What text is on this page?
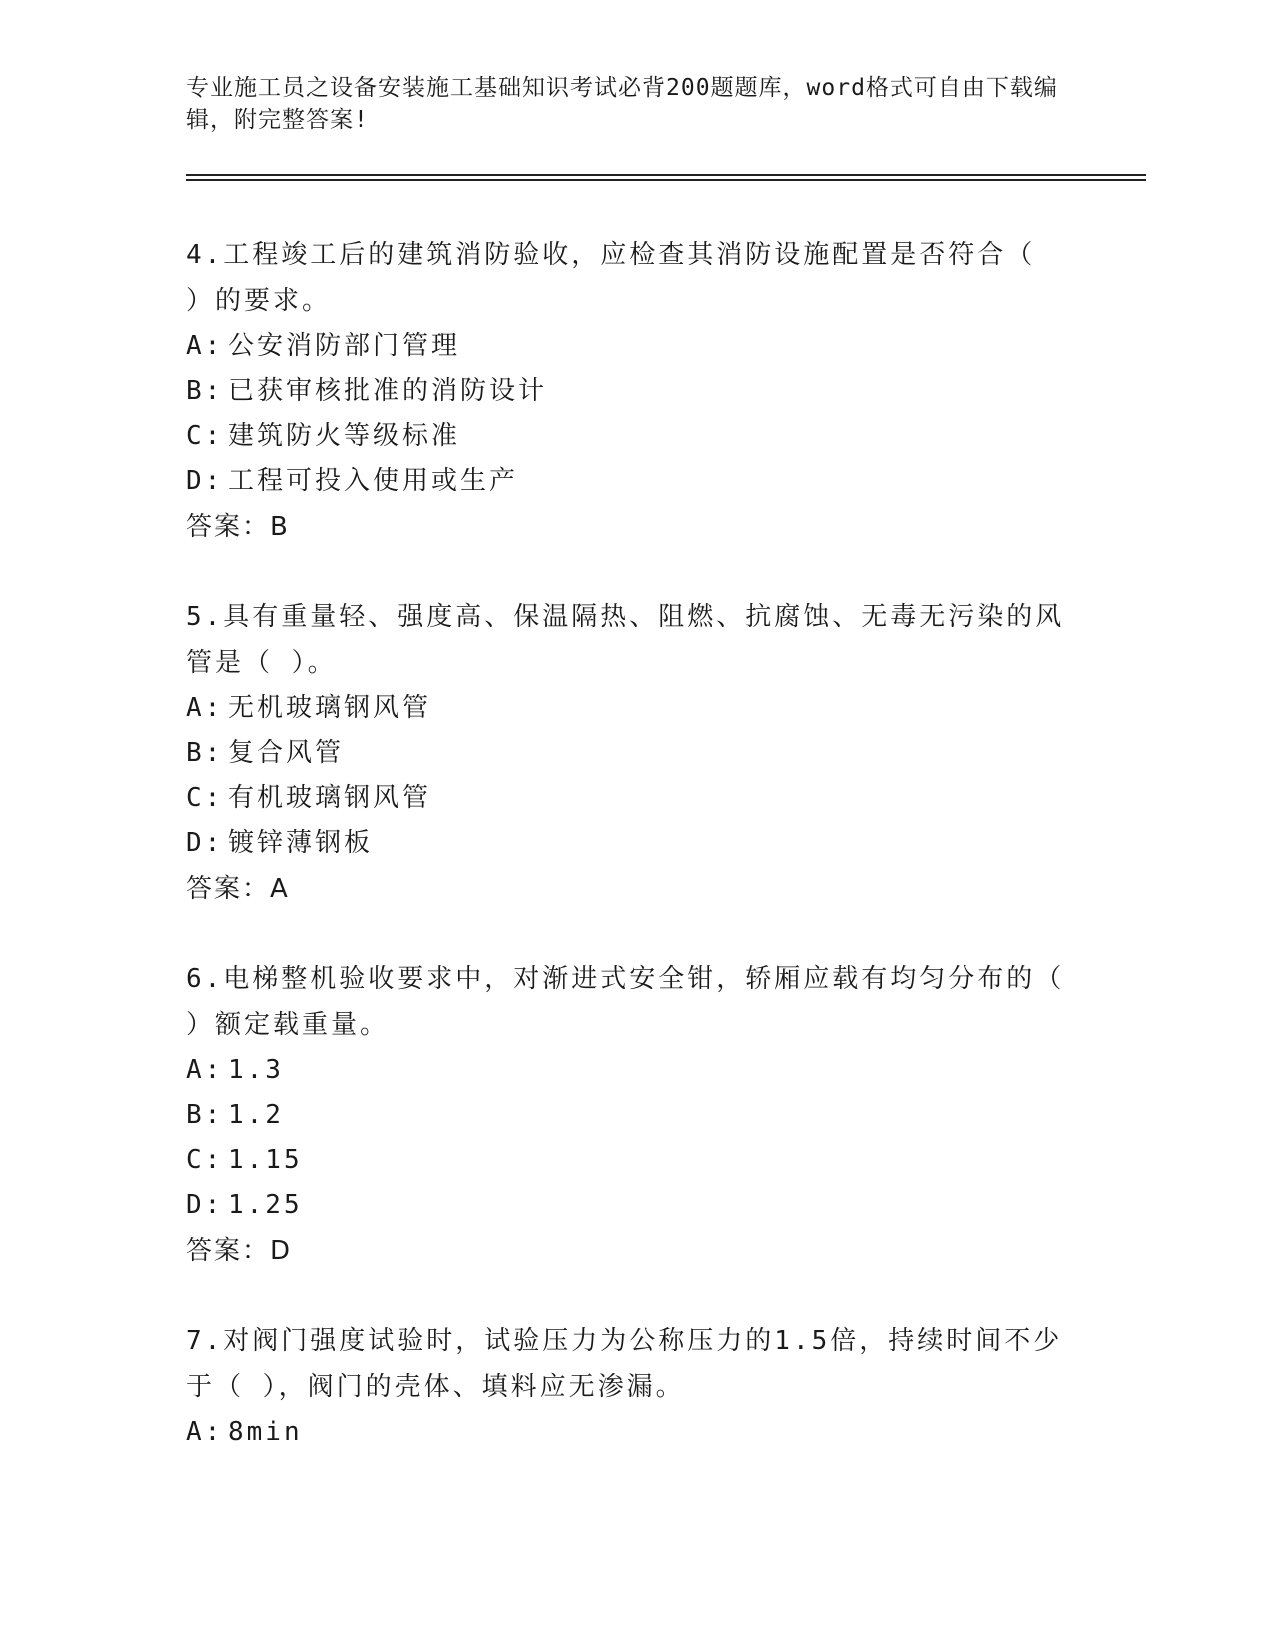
专业施工员之设备安装施工基础知识考试必背200题题库，word格式可自由下载编辑，附完整答案!

4.工程竣工后的建筑消防验收，应检查其消防设施配置是否符合（ ）的要求。

A: 公安消防部门管理

B: 已获审核批准的消防设计

C: 建筑防火等级标准

D: 工程可投入使用或生产

答案：B

5.具有重量轻、强度高、保温隔热、阻燃、抗腐蚀、无毒无污染的风管是（ ）。

A: 无机玻璃钢风管

B: 复合风管

C: 有机玻璃钢风管

D: 镀锌薄钢板

答案：A

6.电梯整机验收要求中，对渐进式安全钳，轿厢应载有均匀分布的（ ）额定载重量。

A: 1.3

B: 1.2

C: 1.15

D: 1.25

答案：D

7.对阀门强度试验时，试验压力为公称压力的1.5倍，持续时间不少于（ ），阀门的壳体、填料应无渗漏。

A: 8min
